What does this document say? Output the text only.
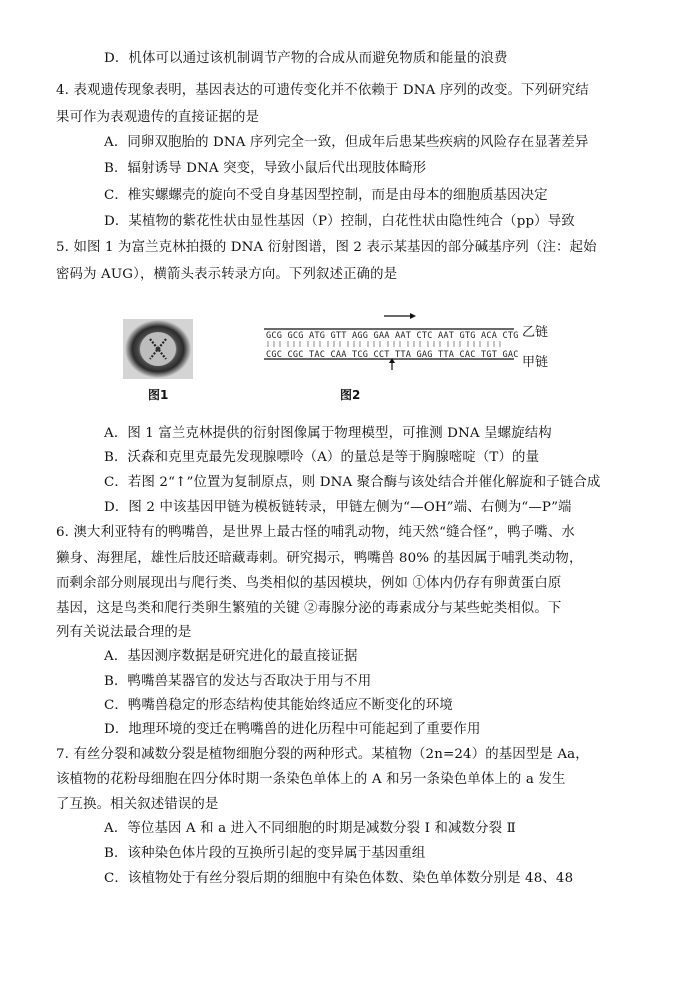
D．机体可以通过该机制调节产物的合成从而避免物质和能量的浪费
4. 表观遗传现象表明，基因表达的可遗传变化并不依赖于 DNA 序列的改变。下列研究结
果可作为表观遗传的直接证据的是
A．同卵双胞胎的 DNA 序列完全一致，但成年后患某些疾病的风险存在显著差异
B．辐射诱导 DNA 突变，导致小鼠后代出现肢体畸形
C．椎实螺螺壳的旋向不受自身基因型控制，而是由母本的细胞质基因决定
D．某植物的紫花性状由显性基因（P）控制，白花性状由隐性纯合（pp）导致
5. 如图 1 为富兰克林拍摄的 DNA 衍射图谱，图 2 表示某基因的部分碱基序列（注：起始
密码为 AUG），横箭头表示转录方向。下列叙述正确的是
图1
GCG GCG ATG GTT AGG GAA AAT CTC AAT GTG ACA CTG
CGC CGC TAC CAA TCG CCT TTA GAG TTA CAC TGT GAC
乙链
甲链
图2
A．图 1 富兰克林提供的衍射图像属于物理模型，可推测 DNA 呈螺旋结构
B．沃森和克里克最先发现腺嘌呤（A）的量总是等于胸腺嘧啶（T）的量
C．若图 2“↑”位置为复制原点，则 DNA 聚合酶与该处结合并催化解旋和子链合成
D．图 2 中该基因甲链为模板链转录，甲链左侧为“—OH”端、右侧为“—P”端
6. 澳大利亚特有的鸭嘴兽，是世界上最古怪的哺乳动物，纯天然“缝合怪”，鸭子嘴、水
獭身、海狸尾，雄性后肢还暗藏毒刺。研究揭示，鸭嘴兽 80% 的基因属于哺乳类动物，
而剩余部分则展现出与爬行类、鸟类相似的基因模块，例如 ①体内仍存有卵黄蛋白原
基因，这是鸟类和爬行类卵生繁殖的关键 ②毒腺分泌的毒素成分与某些蛇类相似。下
列有关说法最合理的是
A．基因测序数据是研究进化的最直接证据
B．鸭嘴兽某器官的发达与否取决于用与不用
C．鸭嘴兽稳定的形态结构使其能始终适应不断变化的环境
D．地理环境的变迁在鸭嘴兽的进化历程中可能起到了重要作用
7. 有丝分裂和减数分裂是植物细胞分裂的两种形式。某植物（2n=24）的基因型是 Aa，
该植物的花粉母细胞在四分体时期一条染色单体上的 A 和另一条染色单体上的 a 发生
了互换。相关叙述错误的是
A．等位基因 A 和 a 进入不同细胞的时期是减数分裂 Ⅰ 和减数分裂 Ⅱ
B．该种染色体片段的互换所引起的变异属于基因重组
C．该植物处于有丝分裂后期的细胞中有染色体数、染色单体数分别是 48、48
